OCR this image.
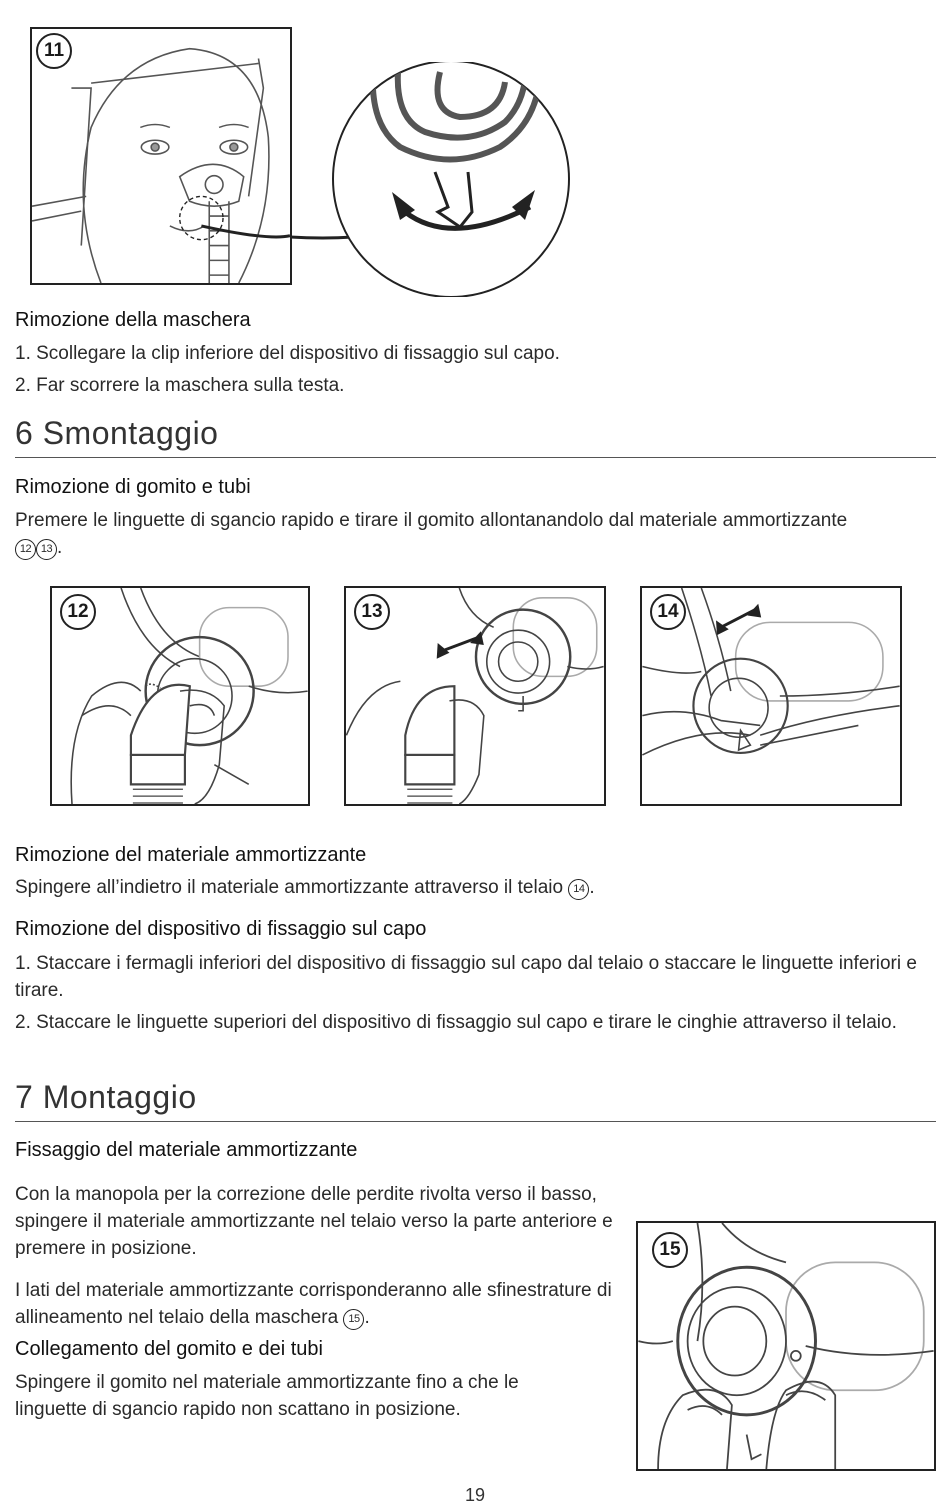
11

Rimozione della maschera

1. Scollegare la clip inferiore del dispositivo di fissaggio sul capo.

2. Far scorrere la maschera sulla testa.

6 Smontaggio

Rimozione di gomito e tubi

Premere le linguette di sgancio rapido e tirare il gomito allontanandolo dal materiale ammortizzante
12 13 .

12	13	14

Rimozione del materiale ammortizzante

Spingere all’indietro il materiale ammortizzante attraverso il telaio 14 .

Rimozione del dispositivo di fissaggio sul capo

1. Staccare i fermagli inferiori del dispositivo di fissaggio sul capo dal telaio o staccare le linguette inferiori e tirare.

2. Staccare le linguette superiori del dispositivo di fissaggio sul capo e tirare le cinghie attraverso il telaio.

7 Montaggio

Fissaggio del materiale ammortizzante

Con la manopola per la correzione delle perdite rivolta verso il basso, spingere il materiale ammortizzante nel telaio verso la parte anteriore e premere in posizione.

I lati del materiale ammortizzante corrisponderanno alle sfinestrature di allineamento nel telaio della maschera 15 .

Collegamento del gomito e dei tubi

Spingere il gomito nel materiale ammortizzante fino a che le linguette di sgancio rapido non scattano in posizione.

15
19
